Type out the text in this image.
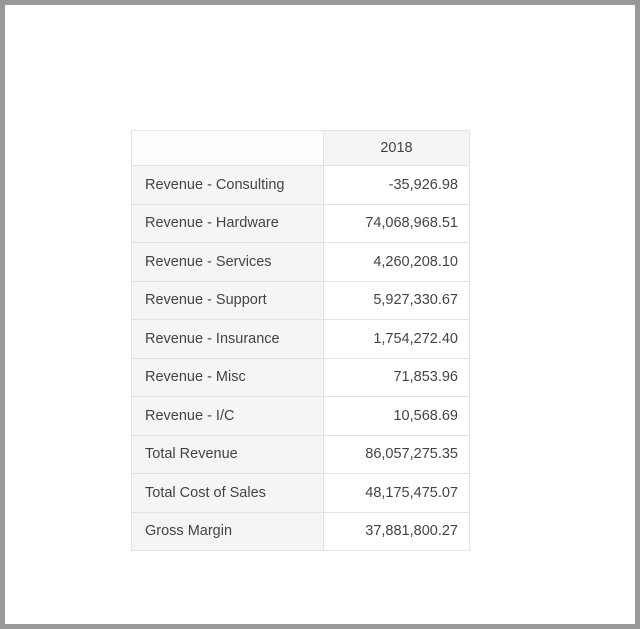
	2018
Revenue - Consulting	-35,926.98
Revenue - Hardware	74,068,968.51
Revenue - Services	4,260,208.10
Revenue - Support	5,927,330.67
Revenue - Insurance	1,754,272.40
Revenue - Misc	71,853.96
Revenue - I/C	10,568.69
Total Revenue	86,057,275.35
Total Cost of Sales	48,175,475.07
Gross Margin	37,881,800.27
